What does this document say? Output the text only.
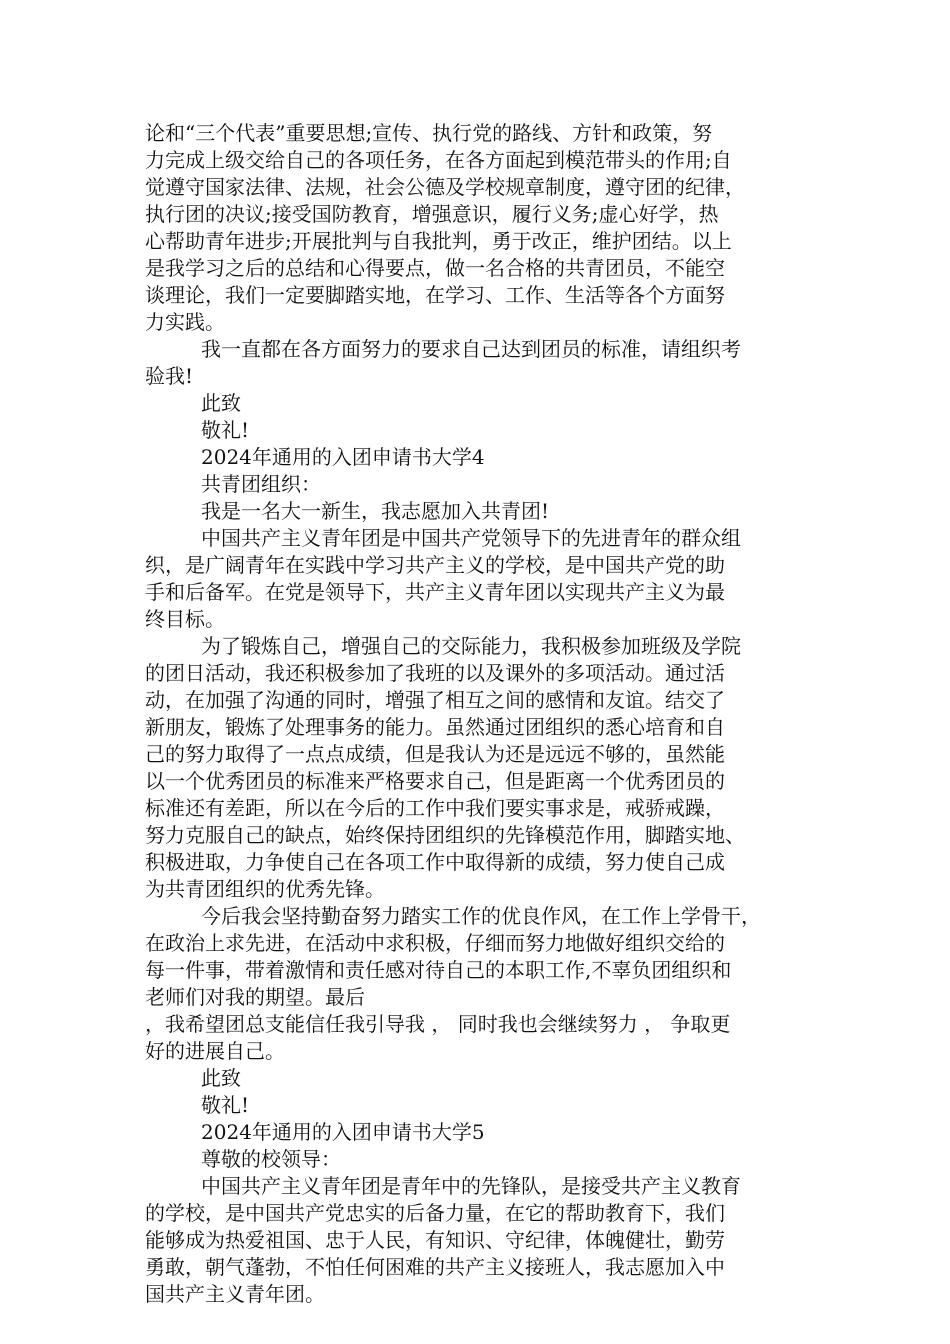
论和“三个代表”重要思想;宣传、执行党的路线、方针和政策，努
力完成上级交给自己的各项任务，在各方面起到模范带头的作用;自
觉遵守国家法律、法规，社会公德及学校规章制度，遵守团的纪律，
执行团的决议;接受国防教育，增强意识，履行义务;虚心好学，热
心帮助青年进步;开展批判与自我批判，勇于改正，维护团结。以上
是我学习之后的总结和心得要点，做一名合格的共青团员，不能空
谈理论，我们一定要脚踏实地，在学习、工作、生活等各个方面努
力实践。
我一直都在各方面努力的要求自己达到团员的标准，请组织考
验我!
此致
敬礼!
2024年通用的入团申请书大学4
共青团组织：
我是一名大一新生，我志愿加入共青团!
中国共产主义青年团是中国共产党领导下的先进青年的群众组
织，是广阔青年在实践中学习共产主义的学校，是中国共产党的助
手和后备军。在党是领导下，共产主义青年团以实现共产主义为最
终目标。
为了锻炼自己，增强自己的交际能力，我积极参加班级及学院
的团日活动，我还积极参加了我班的以及课外的多项活动。通过活
动，在加强了沟通的同时，增强了相互之间的感情和友谊。结交了
新朋友，锻炼了处理事务的能力。虽然通过团组织的悉心培育和自
己的努力取得了一点点成绩，但是我认为还是远远不够的，虽然能
以一个优秀团员的标准来严格要求自己，但是距离一个优秀团员的
标准还有差距，所以在今后的工作中我们要实事求是，戒骄戒躁，
努力克服自己的缺点，始终保持团组织的先锋模范作用，脚踏实地、
积极进取，力争使自己在各项工作中取得新的成绩，努力使自己成
为共青团组织的优秀先锋。
今后我会坚持勤奋努力踏实工作的优良作风，在工作上学骨干，
在政治上求先进，在活动中求积极，仔细而努力地做好组织交给的
每一件事，带着激情和责任感对待自己的本职工作,不辜负团组织和
老师们对我的期望。最后
，我希望团总支能信任我引导我 ， 同时我也会继续努力 ， 争取更
好的进展自己。
此致
敬礼!
2024年通用的入团申请书大学5
尊敬的校领导：
中国共产主义青年团是青年中的先锋队，是接受共产主义教育
的学校，是中国共产党忠实的后备力量，在它的帮助教育下，我们
能够成为热爱祖国、忠于人民，有知识、守纪律，体魄健壮，勤劳
勇敢，朝气蓬勃，不怕任何困难的共产主义接班人，我志愿加入中
国共产主义青年团。
